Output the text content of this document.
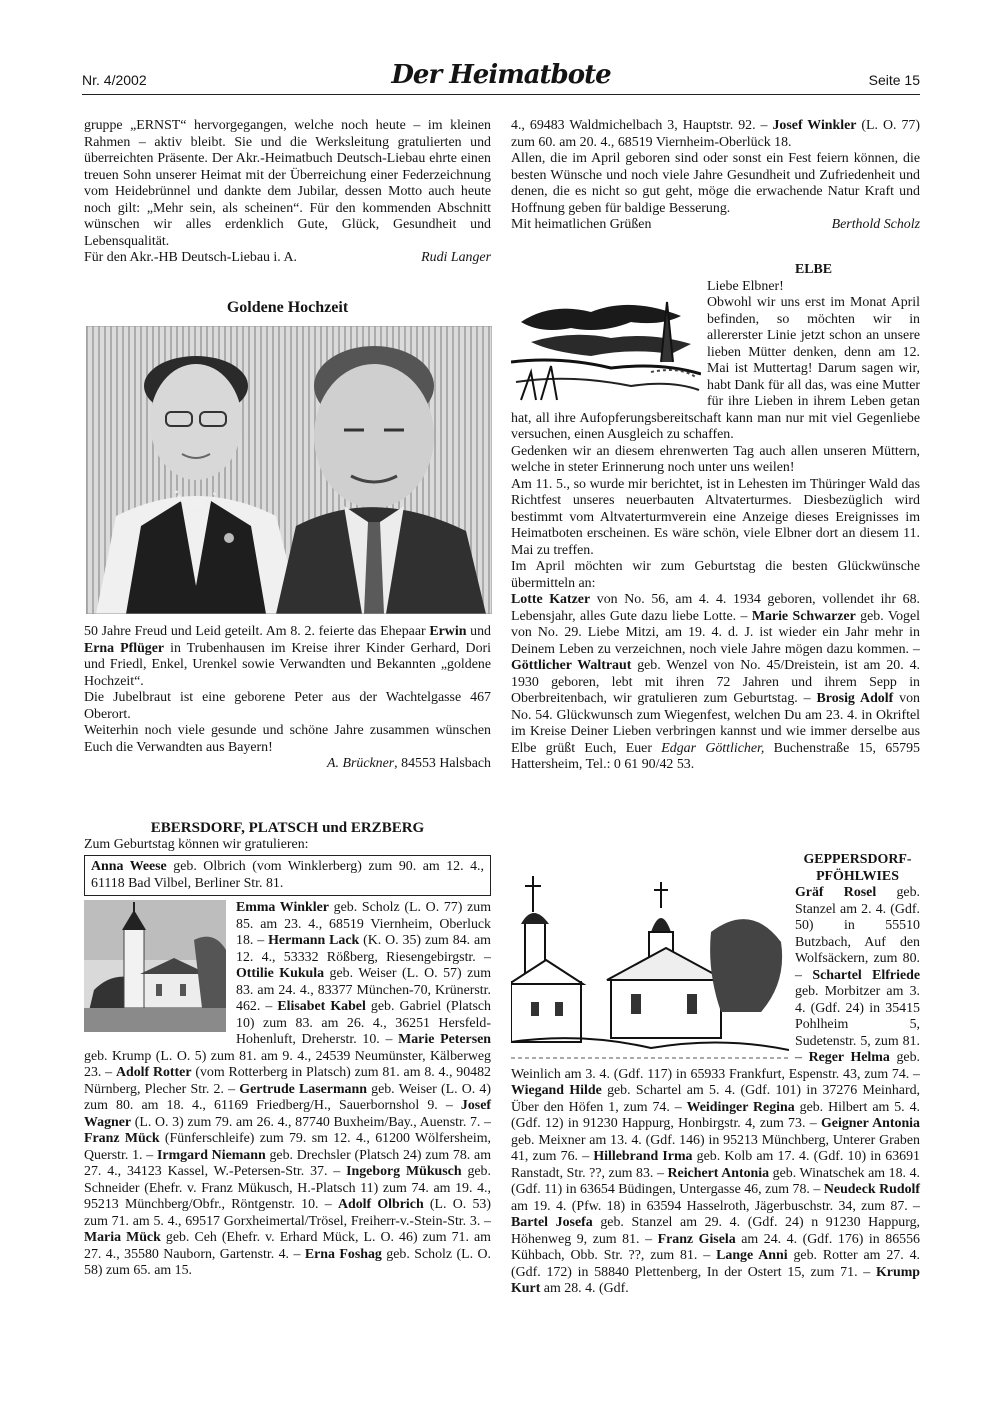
Nr. 4/2002	Der Heimatbote	Seite 15

gruppe „ERNST“ hervorgegangen, welche noch heute – im kleinen Rahmen – aktiv bleibt. Sie und die Werksleitung gratulierten und überreichten Präsente. Der Akr.-Heimatbuch Deutsch-Liebau ehrte einen treuen Sohn unserer Heimat mit der Überreichung einer Federzeichnung vom Heidebrünnel und dankte dem Jubilar, dessen Motto auch heute noch gilt: „Mehr sein, als scheinen“. Für den kommenden Abschnitt wünschen wir alles erdenklich Gute, Glück, Gesundheit und Lebensqualität.

Für den Akr.-HB Deutsch-Liebau i. A.	Rudi Langer

Goldene Hochzeit

50 Jahre Freud und Leid geteilt. Am 8. 2. feierte das Ehepaar Erwin und Erna Pflüger in Trubenhausen im Kreise ihrer Kinder Gerhard, Dori und Friedl, Enkel, Urenkel sowie Verwandten und Bekannten „goldene Hochzeit“.

Die Jubelbraut ist eine geborene Peter aus der Wachtelgasse 467 Oberort.

Weiterhin noch viele gesunde und schöne Jahre zusammen wünschen Euch die Verwandten aus Bayern!

A. Brückner, 84553 Halsbach

EBERSDORF, PLATSCH und ERZBERG

Zum Geburtstag können wir gratulieren:

Anna Weese geb. Olbrich (vom Winklerberg) zum 90. am 12. 4., 61118 Bad Vilbel, Berliner Str. 81.

Emma Winkler geb. Scholz (L. O. 77) zum 85. am 23. 4., 68519 Viernheim, Oberluck 18. – Hermann Lack (K. O. 35) zum 84. am 12. 4., 53332 Rößberg, Riesengebirgstr. – Ottilie Kukula geb. Weiser (L. O. 57) zum 83. am 24. 4., 83377 München-70, Krünerstr. 462. – Elisabet Kabel geb. Gabriel (Platsch 10) zum 83. am 26. 4., 36251 Hersfeld-Hohenluft, Dreherstr. 10. – Marie Petersen geb. Krump (L. O. 5) zum 81. am 9. 4., 24539 Neumünster, Kälberweg 23. – Adolf Rotter (vom Rotterberg in Platsch) zum 81. am 8. 4., 90482 Nürnberg, Plecher Str. 2. – Gertrude Lasermann geb. Weiser (L. O. 4) zum 80. am 18. 4., 61169 Friedberg/H., Sauerbornshol 9. – Josef Wagner (L. O. 3) zum 79. am 26. 4., 87740 Buxheim/Bay., Auenstr. 7. – Franz Mück (Fünferschleife) zum 79. sm 12. 4., 61200 Wölfersheim, Querstr. 1. – Irmgard Niemann geb. Drechsler (Platsch 24) zum 78. am 27. 4., 34123 Kassel, W.-Petersen-Str. 37. – Ingeborg Mükusch geb. Schneider (Ehefr. v. Franz Mükusch, H.-Platsch 11) zum 74. am 19. 4., 95213 Münchberg/Obfr., Röntgenstr. 10. – Adolf Olbrich (L. O. 53) zum 71. am 5. 4., 69517 Gorxheimertal/Trösel, Freiherr-v.-Stein-Str. 3. – Maria Mück geb. Ceh (Ehefr. v. Erhard Mück, L. O. 46) zum 71. am 27. 4., 35580 Nauborn, Gartenstr. 4. – Erna Foshag geb. Scholz (L. O. 58) zum 65. am 15.

4., 69483 Waldmichelbach 3, Hauptstr. 92. – Josef Winkler (L. O. 77) zum 60. am 20. 4., 68519 Viernheim-Oberlück 18.

Allen, die im April geboren sind oder sonst ein Fest feiern können, die besten Wünsche und noch viele Jahre Gesundheit und Zufriedenheit und denen, die es nicht so gut geht, möge die erwachende Natur Kraft und Hoffnung geben für baldige Besserung.

Mit heimatlichen Grüßen	Berthold Scholz

ELBE

Liebe Elbner!

Obwohl wir uns erst im Monat April befinden, so möchten wir in allererster Linie jetzt schon an unsere lieben Mütter denken, denn am 12. Mai ist Muttertag! Darum sagen wir, habt Dank für all das, was eine Mutter für ihre Lieben in ihrem Leben getan hat, all ihre Aufopferungsbereitschaft kann man nur mit viel Gegenliebe versuchen, einen Ausgleich zu schaffen.

Gedenken wir an diesem ehrenwerten Tag auch allen unseren Müttern, welche in steter Erinnerung noch unter uns weilen!

Am 11. 5., so wurde mir berichtet, ist in Lehesten im Thüringer Wald das Richtfest unseres neuerbauten Altvaterturmes. Diesbezüglich wird bestimmt vom Altvaterturmverein eine Anzeige dieses Ereignisses im Heimatboten erscheinen. Es wäre schön, viele Elbner dort an diesem 11. Mai zu treffen.

Im April möchten wir zum Geburtstag die besten Glückwünsche übermitteln an:

Lotte Katzer von No. 56, am 4. 4. 1934 geboren, vollendet ihr 68. Lebensjahr, alles Gute dazu liebe Lotte. – Marie Schwarzer geb. Vogel von No. 29. Liebe Mitzi, am 19. 4. d. J. ist wieder ein Jahr mehr in Deinem Leben zu verzeichnen, noch viele Jahre mögen dazu kommen. – Göttlicher Waltraut geb. Wenzel von No. 45/Dreistein, ist am 20. 4. 1930 geboren, lebt mit ihren 72 Jahren und ihrem Sepp in Oberbreitenbach, wir gratulieren zum Geburtstag. – Brosig Adolf von No. 54. Glückwunsch zum Wiegenfest, welchen Du am 23. 4. in Okriftel im Kreise Deiner Lieben verbringen kannst und wie immer derselbe aus Elbe grüßt Euch, Euer Edgar Göttlicher, Buchenstraße 15, 65795 Hattersheim, Tel.: 0 61 90/42 53.

GEPPERSDORF-PFÖHLWIES

Gräf Rosel geb. Stanzel am 2. 4. (Gdf. 50) in 55510 Butzbach, Auf den Wolfsäckern, zum 80. – Schartel Elfriede geb. Morbitzer am 3. 4. (Gdf. 24) in 35415 Pohlheim 5, Sudetenstr. 5, zum 81. – Reger Helma geb. Weinlich am 3. 4. (Gdf. 117) in 65933 Frankfurt, Espenstr. 43, zum 74. – Wiegand Hilde geb. Schartel am 5. 4. (Gdf. 101) in 37276 Meinhard, Über den Höfen 1, zum 74. – Weidinger Regina geb. Hilbert am 5. 4. (Gdf. 12) in 91230 Happurg, Honbirgstr. 4, zum 73. – Geigner Antonia geb. Meixner am 13. 4. (Gdf. 146) in 95213 Münchberg, Unterer Graben 41, zum 76. – Hillebrand Irma geb. Kolb am 17. 4. (Gdf. 10) in 63691 Ranstadt, Str. ??, zum 83. – Reichert Antonia geb. Winatschek am 18. 4. (Gdf. 11) in 63654 Büdingen, Untergasse 46, zum 78. – Neudeck Rudolf am 19. 4. (Pfw. 18) in 63594 Hasselroth, Jägerbuschstr. 34, zum 87. – Bartel Josefa geb. Stanzel am 29. 4. (Gdf. 24) n 91230 Happurg, Höhenweg 9, zum 81. – Franz Gisela am 24. 4. (Gdf. 176) in 86556 Kühbach, Obb. Str. ??, zum 81. – Lange Anni geb. Rotter am 27. 4. (Gdf. 172) in 58840 Plettenberg, In der Ostert 15, zum 71. – Krump Kurt am 28. 4. (Gdf.
